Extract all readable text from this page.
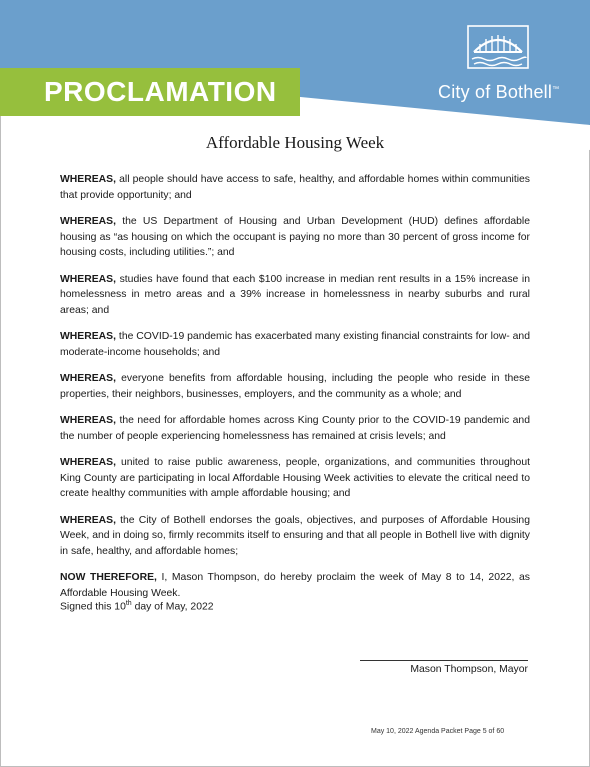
PROCLAMATION	City of Bothell™
Affordable Housing Week

WHEREAS, all people should have access to safe, healthy, and affordable homes within communities that provide opportunity; and

WHEREAS, the US Department of Housing and Urban Development (HUD) defines affordable housing as “as housing on which the occupant is paying no more than 30 percent of gross income for housing costs, including utilities.”; and

WHEREAS, studies have found that each $100 increase in median rent results in a 15% increase in homelessness in metro areas and a 39% increase in homelessness in nearby suburbs and rural areas; and

WHEREAS, the COVID-19 pandemic has exacerbated many existing financial constraints for low- and moderate-income households; and

WHEREAS, everyone benefits from affordable housing, including the people who reside in these properties, their neighbors, businesses, employers, and the community as a whole; and

WHEREAS, the need for affordable homes across King County prior to the COVID-19 pandemic and the number of people experiencing homelessness has remained at crisis levels; and

WHEREAS, united to raise public awareness, people, organizations, and communities throughout King County are participating in local Affordable Housing Week activities to elevate the critical need to create healthy communities with ample affordable housing; and

WHEREAS, the City of Bothell endorses the goals, objectives, and purposes of Affordable Housing Week, and in doing so, firmly recommits itself to ensuring and that all people in Bothell live with dignity in safe, healthy, and affordable homes;

NOW THEREFORE, I, Mason Thompson, do hereby proclaim the week of May 8 to 14, 2022, as Affordable Housing Week.

Signed this 10th day of May, 2022
Mason Thompson, Mayor
May 10, 2022 Agenda Packet Page 5 of 60
